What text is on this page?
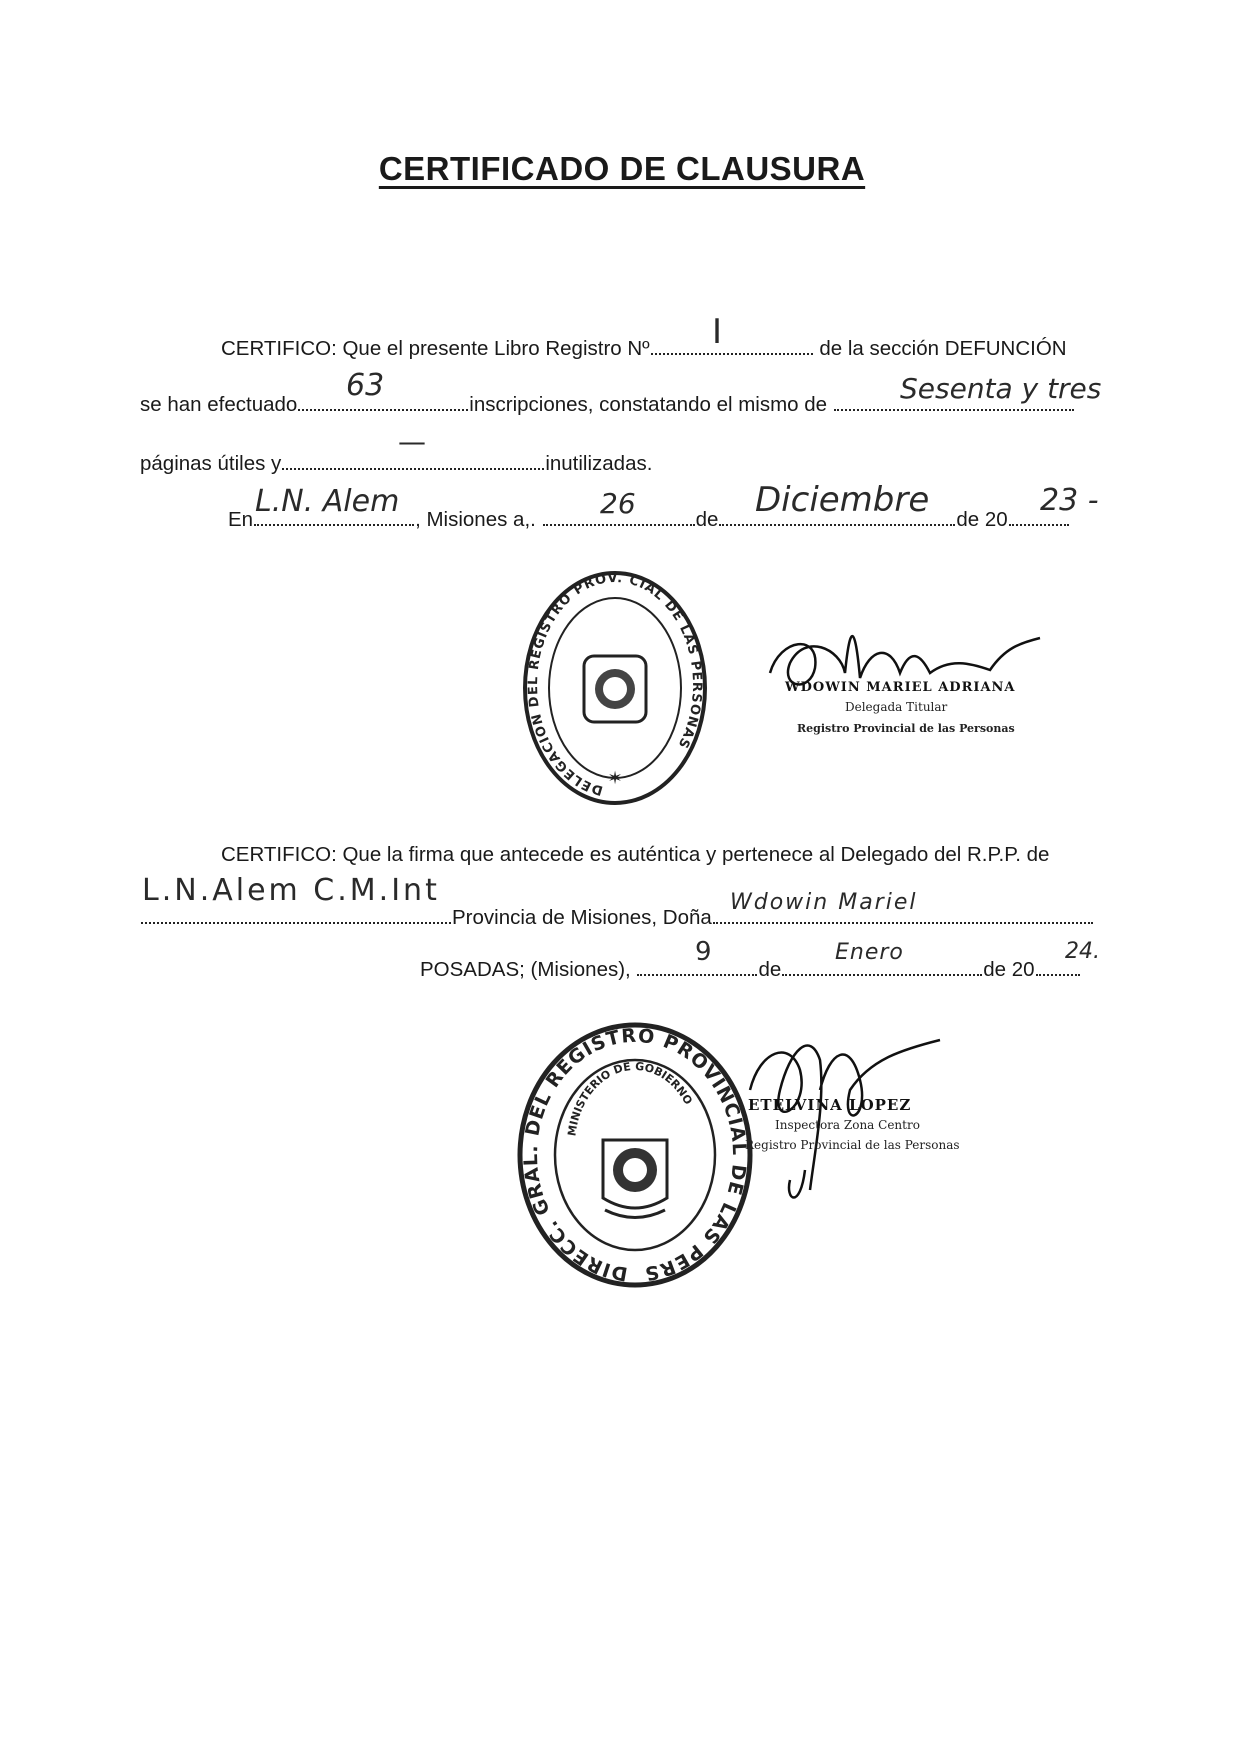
CERTIFICADO DE CLAUSURA
CERTIFICO: Que el presente Libro Registro Nº	de la sección DEFUNCIÓN
I
se han efectuado	inscripciones, constatando el mismo de
63	Sesenta y tres
páginas útiles y	inutilizadas.
—
En	, Misiones a,.	de	de 20
L.N. Alem	26	Diciembre	23 -
DELEGACION DEL REGISTRO PROV. CIAL DE LAS PERSONAS
✶
WDOWIN MARIEL ADRIANA
Delegada Titular
Registro Provincial de las Personas
CERTIFICO: Que la firma que antecede es auténtica y pertenece al Delegado del R.P.P. de
Provincia de Misiones, Doña
L.N.Alem C.M.Int	Wdowin Mariel
POSADAS; (Misiones),	de	de 20
9	Enero	24.
DIRECC. GRAL. DEL REGISTRO PROVINCIAL DE LAS PERS
MINISTERIO DE GOBIERNO	ETELVINA LOPEZ
Inspectora Zona Centro
Registro Provincial de las Personas
